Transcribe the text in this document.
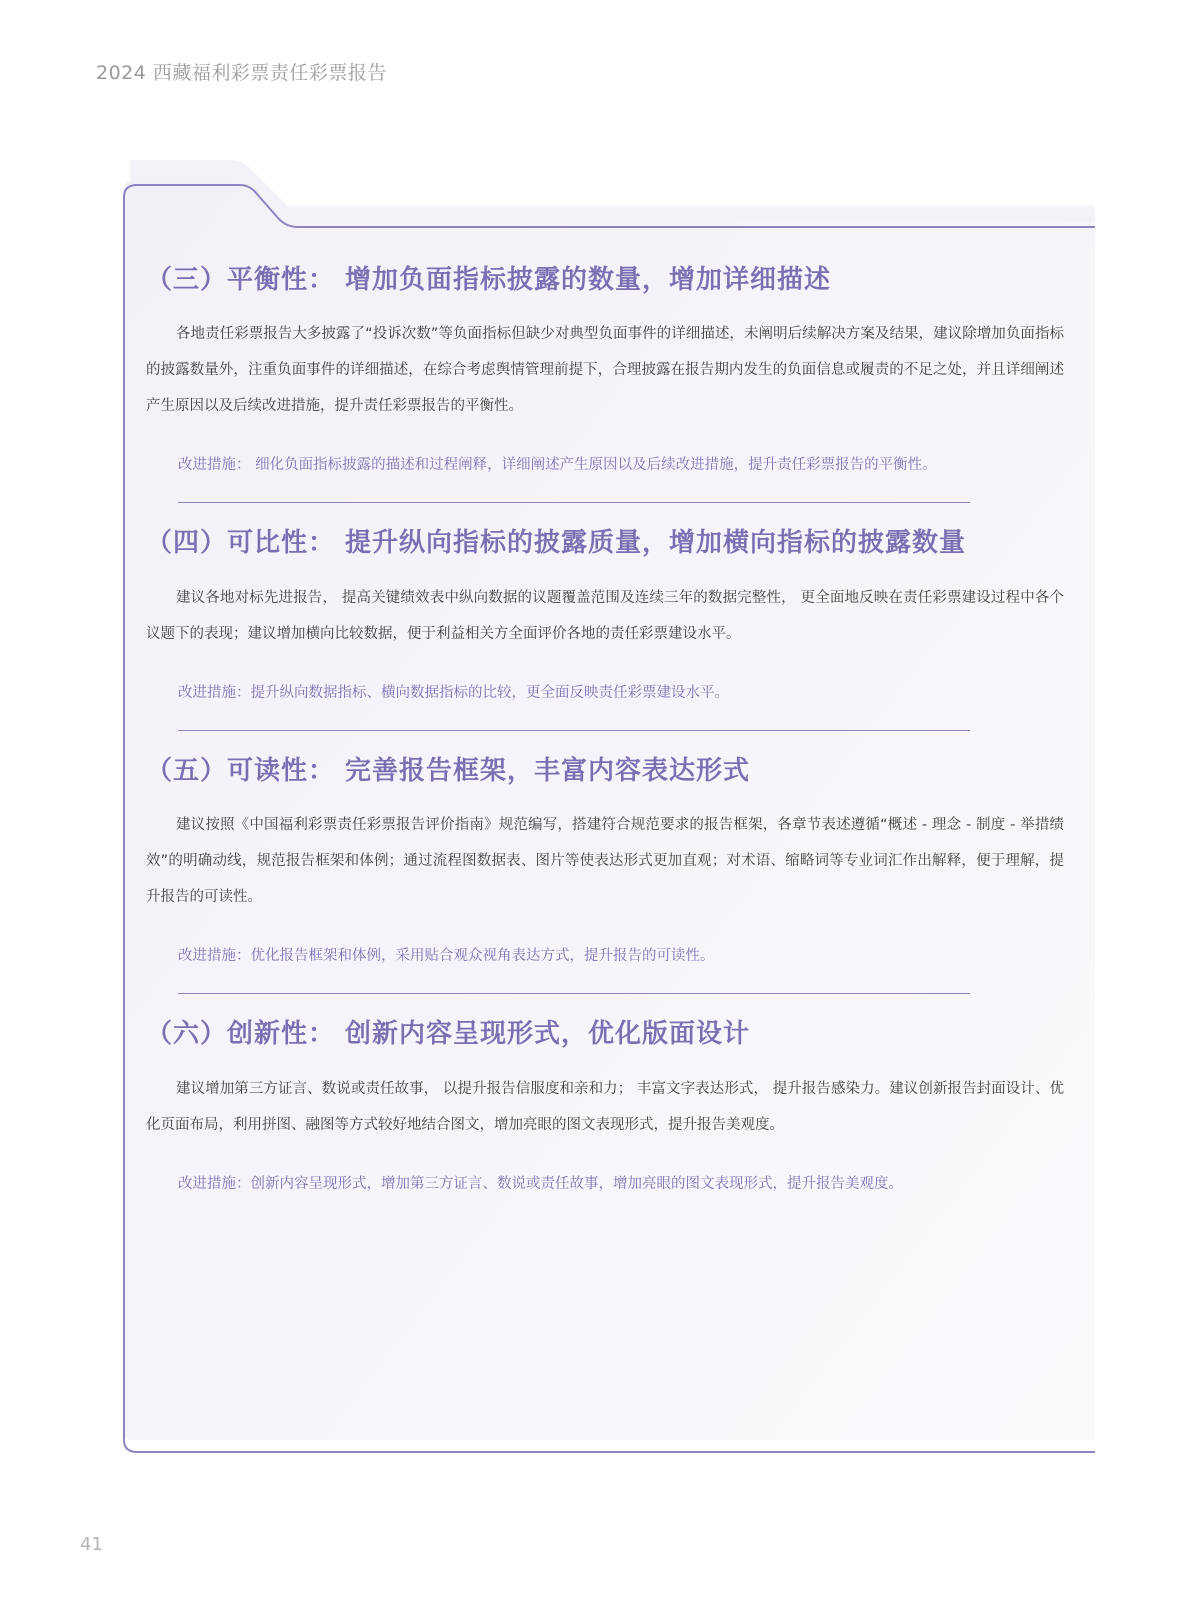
2024 西藏福利彩票责任彩票报告
（三）平衡性： 增加负面指标披露的数量，增加详细描述

各地责任彩票报告大多披露了“投诉次数”等负面指标但缺少对典型负面事件的详细描述，未阐明后续解决方案及结果，建议除增加负面指标的披露数量外，注重负面事件的详细描述，在综合考虑舆情管理前提下，合理披露在报告期内发生的负面信息或履责的不足之处，并且详细阐述产生原因以及后续改进措施，提升责任彩票报告的平衡性。

改进措施： 细化负面指标披露的描述和过程阐释，详细阐述产生原因以及后续改进措施，提升责任彩票报告的平衡性。
（四）可比性： 提升纵向指标的披露质量，增加横向指标的披露数量

建议各地对标先进报告， 提高关键绩效表中纵向数据的议题覆盖范围及连续三年的数据完整性， 更全面地反映在责任彩票建设过程中各个议题下的表现；建议增加横向比较数据，便于利益相关方全面评价各地的责任彩票建设水平。

改进措施：提升纵向数据指标、横向数据指标的比较，更全面反映责任彩票建设水平。
（五）可读性： 完善报告框架，丰富内容表达形式

建议按照《中国福利彩票责任彩票报告评价指南》规范编写，搭建符合规范要求的报告框架，各章节表述遵循“概述 - 理念 - 制度 - 举措绩效”的明确动线，规范报告框架和体例；通过流程图数据表、图片等使表达形式更加直观；对术语、缩略词等专业词汇作出解释，便于理解，提升报告的可读性。

改进措施：优化报告框架和体例，采用贴合观众视角表达方式，提升报告的可读性。
（六）创新性： 创新内容呈现形式，优化版面设计

建议增加第三方证言、数说或责任故事， 以提升报告信服度和亲和力； 丰富文字表达形式， 提升报告感染力。建议创新报告封面设计、优化页面布局，利用拼图、融图等方式较好地结合图文，增加亮眼的图文表现形式，提升报告美观度。

改进措施：创新内容呈现形式，增加第三方证言、数说或责任故事，增加亮眼的图文表现形式，提升报告美观度。
41
